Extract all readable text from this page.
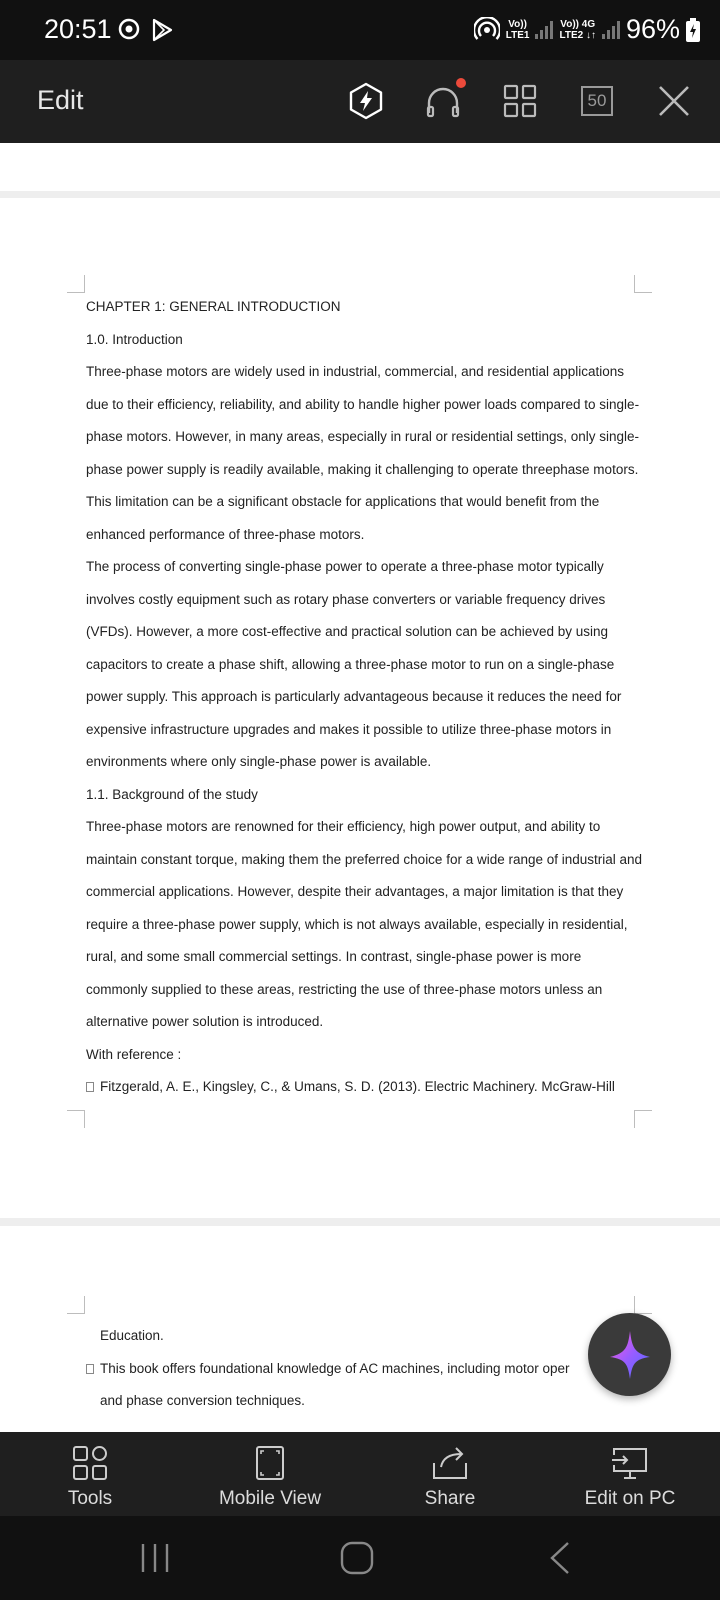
20:51	Vo))
LTE1
Vo)) 4G
LTE2 ↓↑ 96%
Edit	50

CHAPTER 1: GENERAL INTRODUCTION

1.0. Introduction

Three-phase motors are widely used in industrial, commercial, and residential applications due to their efficiency, reliability, and ability to handle higher power loads compared to single-phase motors. However, in many areas, especially in rural or residential settings, only single-phase power supply is readily available, making it challenging to operate threephase motors. This limitation can be a significant obstacle for applications that would benefit from the enhanced performance of three-phase motors.

The process of converting single-phase power to operate a three-phase motor typically involves costly equipment such as rotary phase converters or variable frequency drives (VFDs). However, a more cost-effective and practical solution can be achieved by using capacitors to create a phase shift, allowing a three-phase motor to run on a single-phase power supply. This approach is particularly advantageous because it reduces the need for expensive infrastructure upgrades and makes it possible to utilize three-phase motors in environments where only single-phase power is available.

1.1. Background of the study

Three-phase motors are renowned for their efficiency, high power output, and ability to maintain constant torque, making them the preferred choice for a wide range of industrial and commercial applications. However, despite their advantages, a major limitation is that they require a three-phase power supply, which is not always available, especially in residential, rural, and some small commercial settings. In contrast, single-phase power is more commonly supplied to these areas, restricting the use of three-phase motors unless an alternative power solution is introduced.

With reference :

Fitzgerald, A. E., Kingsley, C., & Umans, S. D. (2013). Electric Machinery. McGraw-Hill

Education.

This book offers foundational knowledge of AC machines, including motor oper

and phase conversion techniques.

Tools	Mobile View	Share	Edit on PC
